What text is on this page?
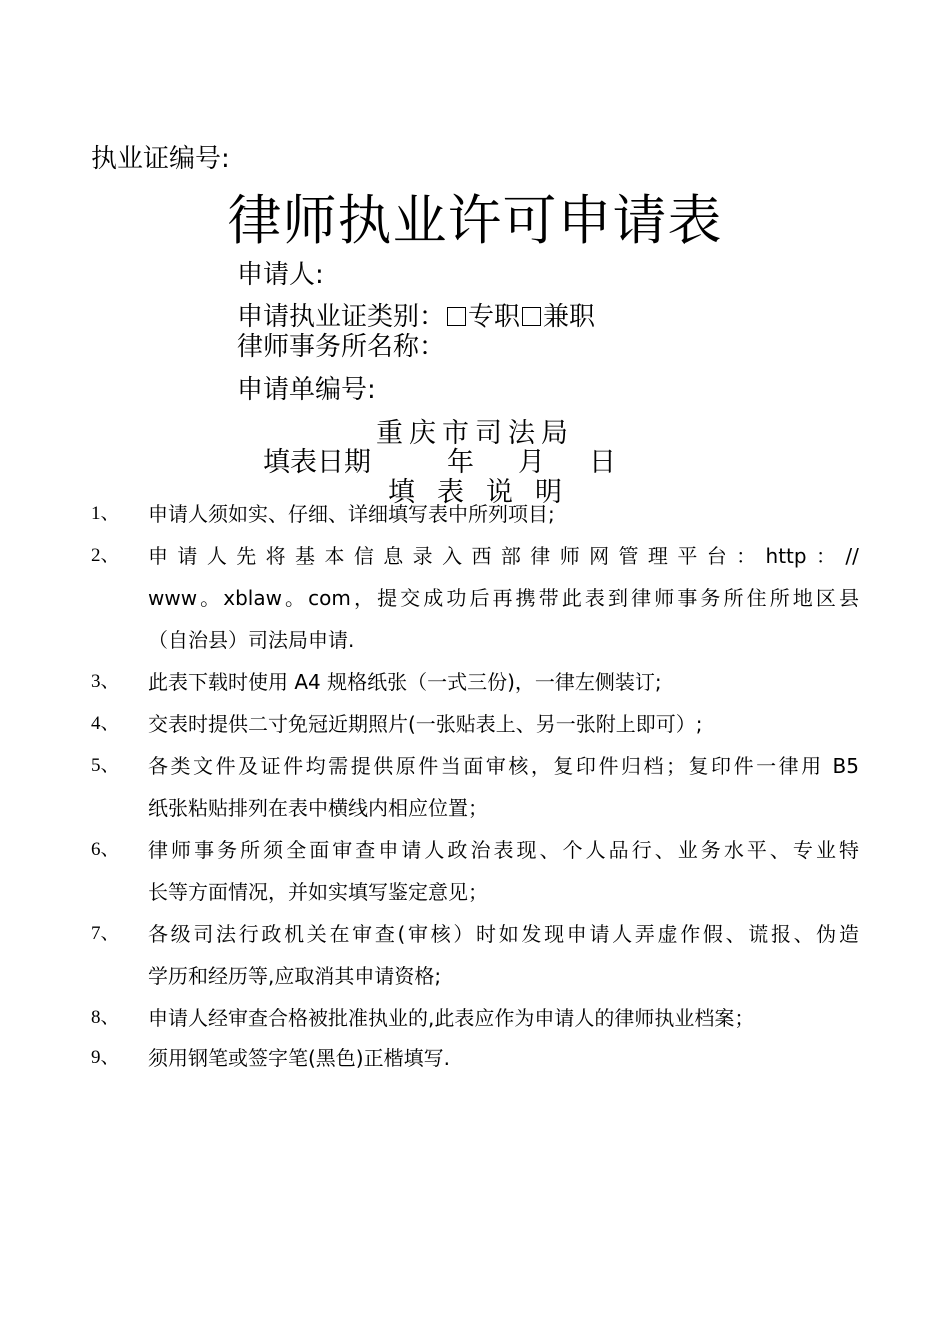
执业证编号:
律师执业许可申请表
申请人:
申请执业证类别： 专职 兼职
律师事务所名称：
申请单编号:
重庆市司法局
填表日期	年 月 日
填表说明
1、 申请人须如实、仔细、详细填写表中所列项目;
2、 申 请 人 先 将 基 本 信 息 录 入 西 部 律 师 网 管 理 平 台 ： http ： //
www。xblaw。com，提交成功后再携带此表到律师事务所住所地区县
（自治县）司法局申请.
3、 此表下载时使用 A4 规格纸张（一式三份)，一律左侧装订;
4、 交表时提供二寸免冠近期照片(一张贴表上、另一张附上即可）;
5、 各类文件及证件均需提供原件当面审核，复印件归档；复印件一律用 B5
纸张粘贴排列在表中横线内相应位置；
6、 律师事务所须全面审查申请人政治表现、个人品行、业务水平、专业特
长等方面情况，并如实填写鉴定意见；
7、 各级司法行政机关在审查(审核）时如发现申请人弄虚作假、谎报、伪造
学历和经历等,应取消其申请资格;
8、 申请人经审查合格被批准执业的,此表应作为申请人的律师执业档案；
9、 须用钢笔或签字笔(黑色)正楷填写.
